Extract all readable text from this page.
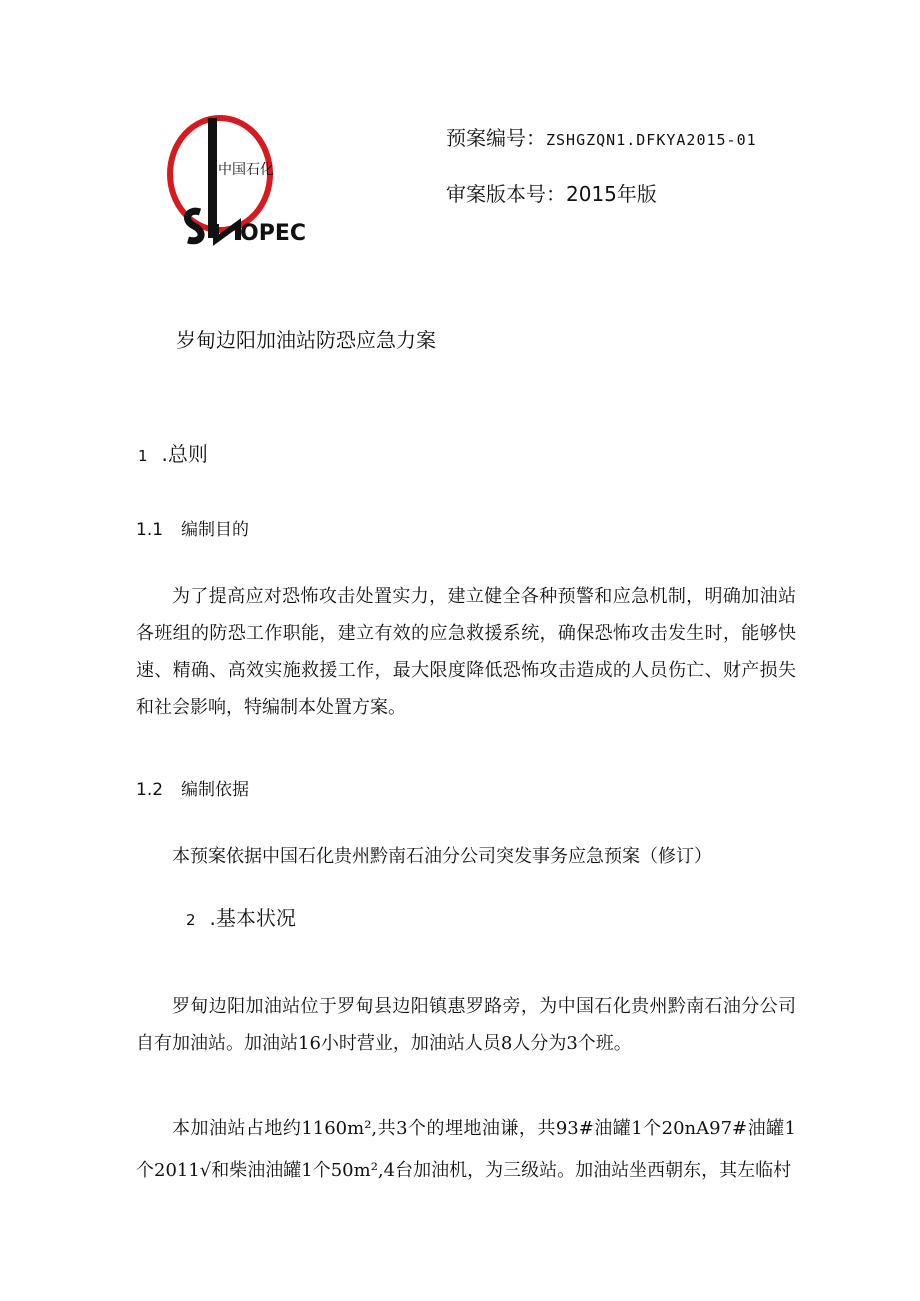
中国石化
OPEC
预案编号：ZSHGZQN1.DFKYA2015-01
审案版本号：2015年版
岁甸边阳加油站防恐应急力案
1 .总则
1.1 编制目的
为了提高应对恐怖攻击处置实力，建立健全各种预警和应急机制，明确加油站各班组的防恐工作职能，建立有效的应急救援系统，确保恐怖攻击发生时，能够快速、精确、高效实施救援工作，最大限度降低恐怖攻击造成的人员伤亡、财产损失和社会影响，特编制本处置方案。
1.2 编制依据
本预案依据中国石化贵州黔南石油分公司突发事务应急预案（修订）
2 .基本状况
罗甸边阳加油站位于罗甸县边阳镇惠罗路旁，为中国石化贵州黔南石油分公司自有加油站。加油站16小时营业，加油站人员8人分为3个班。
本加油站占地约1160m²,共3个的埋地油谦，共93#油罐1个20nA97#油罐1个2011√和柴油油罐1个50m²,4台加油机，为三级站。加油站坐西朝东，其左临村
